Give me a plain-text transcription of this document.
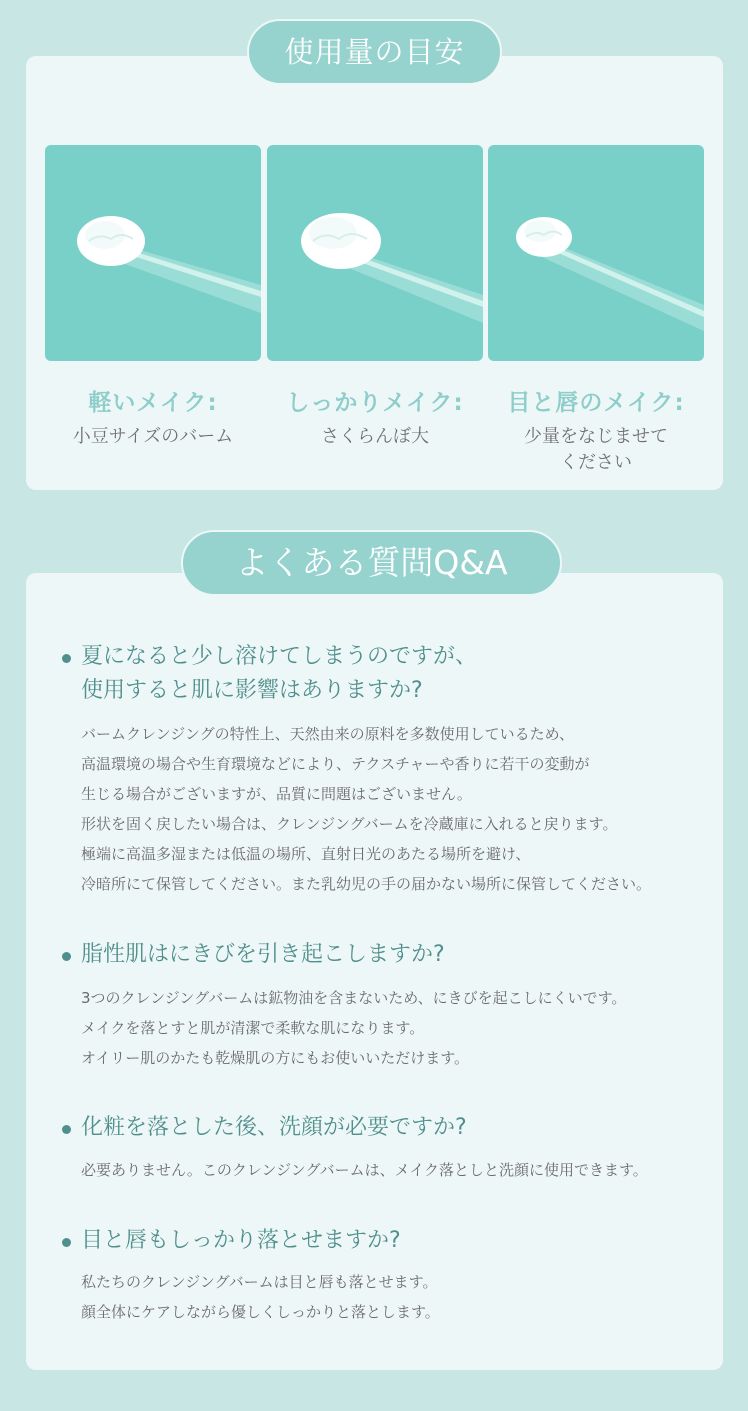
使用量の目安
軽いメイク:	しっかりメイク:	目と唇のメイク:
小豆サイズのバーム	さくらんぼ大	少量をなじませて
ください
よくある質問Q&A
夏になると少し溶けてしまうのですが、
使用すると肌に影響はありますか?
バームクレンジングの特性上、天然由来の原料を多数使用しているため、
高温環境の場合や生育環境などにより、テクスチャーや香りに若干の変動が
生じる場合がございますが、品質に問題はございません。
形状を固く戻したい場合は、クレンジングバームを冷蔵庫に入れると戻ります。
極端に高温多湿または低温の場所、直射日光のあたる場所を避け、
冷暗所にて保管してください。また乳幼児の手の届かない場所に保管してください。
脂性肌はにきびを引き起こしますか?
3つのクレンジングバームは鉱物油を含まないため、にきびを起こしにくいです。
メイクを落とすと肌が清潔で柔軟な肌になります。
オイリー肌のかたも乾燥肌の方にもお使いいただけます。
化粧を落とした後、洗顔が必要ですか?
必要ありません。このクレンジングバームは、メイク落としと洗顔に使用できます。
目と唇もしっかり落とせますか?
私たちのクレンジングバームは目と唇も落とせます。
顔全体にケアしながら優しくしっかりと落とします。
